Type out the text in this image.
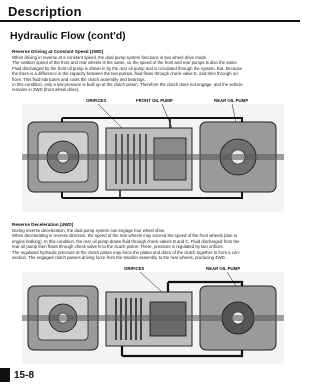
Description
Hydraulic Flow (cont'd)
Reverse Driving at Constant Speed (2WD)
When driving in reverse at a constant speed, the dual pump system functions in two wheel drive mode.
The rotation speed of the front and rear wheels is the same, so the speed of the front and rear pumps is also the same.
Fluid discharged by the front oil pump is drawn in by the rear oil pump and is circulated through the system. But, because
the there is a difference in the capacity between the two pumps, fluid flows through check valve E, and then through ori-
fices. This fluid lubricates and cools the clutch assembly and bearings.
In this condition, only a low pressure is built up at the clutch piston. Therefore the clutch does not engage, and the vehicle
remains in 2WD (front wheel drive).
ORIFICES	FRONT OIL PUMP	REAR OIL PUMP
Reverse Deceleration (4WD)
During reverse deceleration, the dual pump system can engage four wheel drive.
When decelerating in reverse direction, the speed of the rear wheels may exceed the speed of the front wheels (due to
engine braking). In this condition, the rear oil pump draws fluid through check valves B and C. Fluid discharged from the
rear oil pump then flows through check valve E to the clutch piston. There, pressure is regulated by two orifices.
The regulated hydraulic pressure at the clutch piston may force the plates and discs of the clutch together to form a con-
nection. The engaged clutch passes driving force from the transfer assembly to the rear wheels, producing 4WD.
ORIFICES	REAR OIL PUMP
15-8
